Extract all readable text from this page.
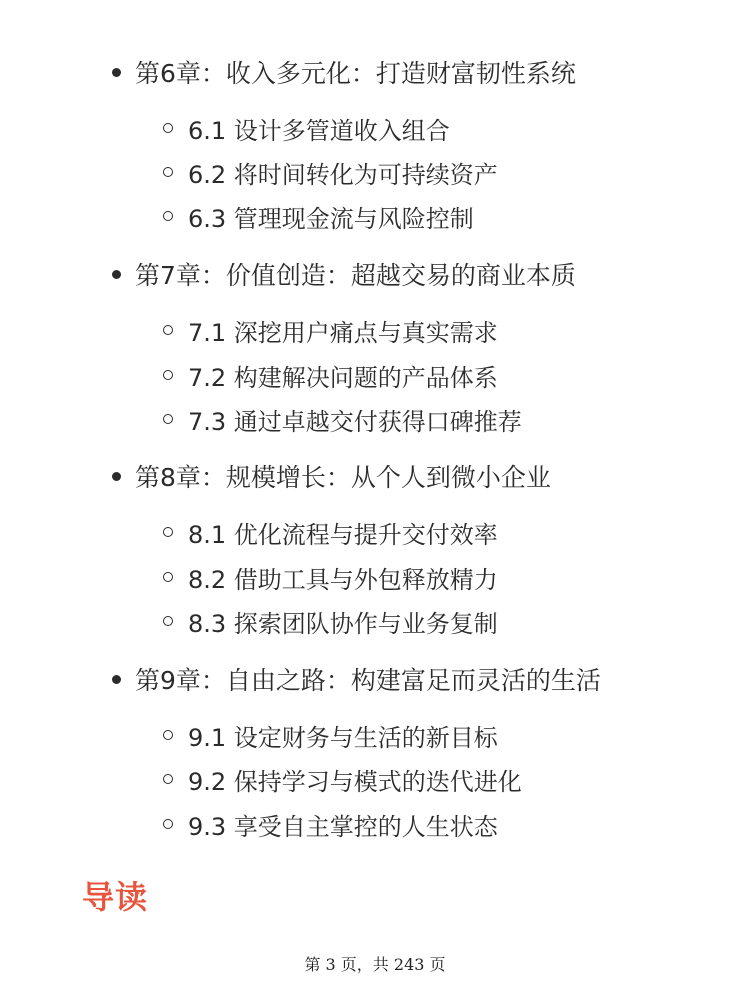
第6章：收入多元化：打造财富韧性系统
6.1 设计多管道收入组合
6.2 将时间转化为可持续资产
6.3 管理现金流与风险控制
第7章：价值创造：超越交易的商业本质
7.1 深挖用户痛点与真实需求
7.2 构建解决问题的产品体系
7.3 通过卓越交付获得口碑推荐
第8章：规模增长：从个人到微小企业
8.1 优化流程与提升交付效率
8.2 借助工具与外包释放精力
8.3 探索团队协作与业务复制
第9章：自由之路：构建富足而灵活的生活
9.1 设定财务与生活的新目标
9.2 保持学习与模式的迭代进化
9.3 享受自主掌控的人生状态
导读
第 3 页，共 243 页
